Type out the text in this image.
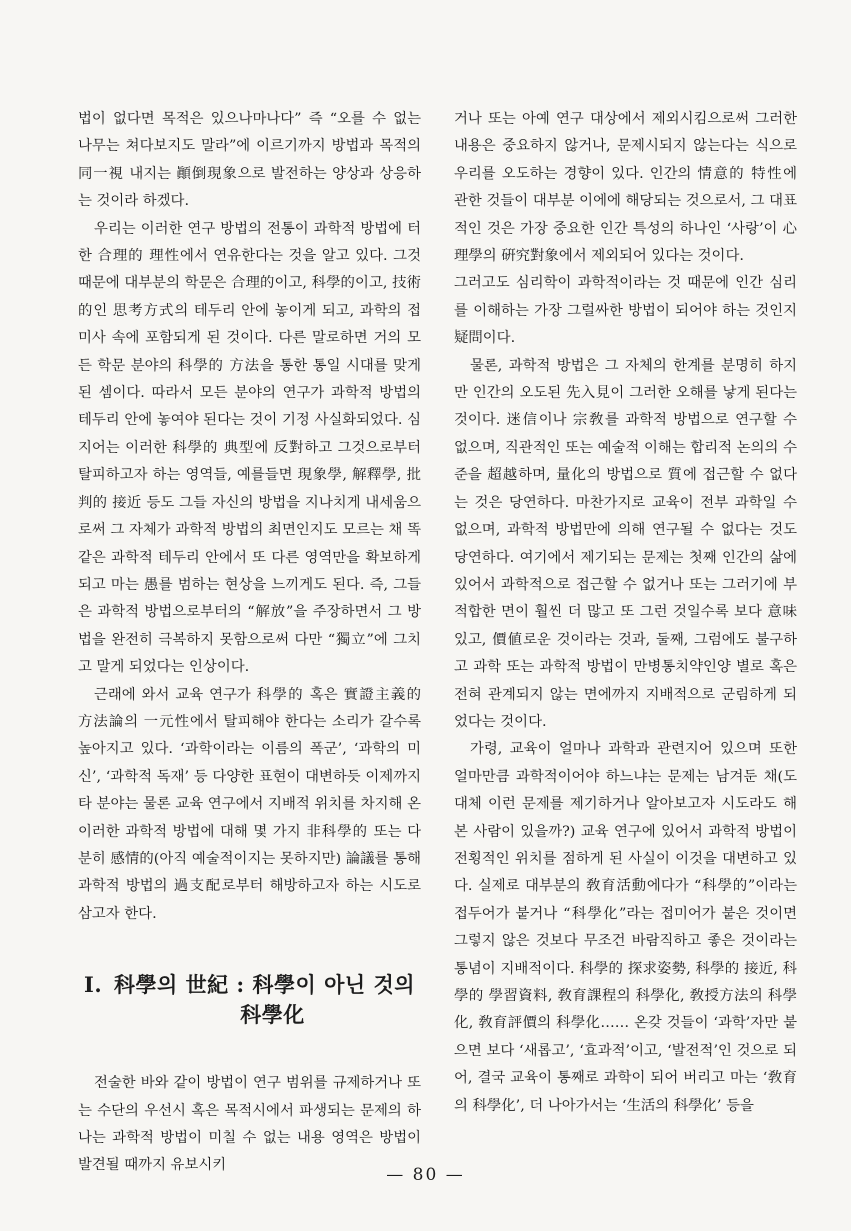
법이 없다면 목적은 있으나마나다” 즉 “오를 수 없는 나무는 쳐다보지도 말라”에 이르기까지 방법과 목적의 同一視 내지는 顚倒現象으로 발전하는 양상과 상응하는 것이라 하겠다.

우리는 이러한 연구 방법의 전통이 과학적 방법에 터한 合理的 理性에서 연유한다는 것을 알고 있다. 그것 때문에 대부분의 학문은 合理的이고, 科學的이고, 技術的인 思考方式의 테두리 안에 놓이게 되고, 과학의 접미사 속에 포함되게 된 것이다. 다른 말로하면 거의 모든 학문 분야의 科學的 方法을 통한 통일 시대를 맞게 된 셈이다. 따라서 모든 분야의 연구가 과학적 방법의 테두리 안에 놓여야 된다는 것이 기정 사실화되었다. 심지어는 이러한 科學的 典型에 反對하고 그것으로부터 탈피하고자 하는 영역들, 예를들면 現象學, 解釋學, 批判的 接近 등도 그들 자신의 방법을 지나치게 내세움으로써 그 자체가 과학적 방법의 최면인지도 모르는 채 똑같은 과학적 테두리 안에서 또 다른 영역만을 확보하게 되고 마는 愚를 범하는 현상을 느끼게도 된다. 즉, 그들은 과학적 방법으로부터의 “解放”을 주장하면서 그 방법을 완전히 극복하지 못함으로써 다만 “獨立”에 그치고 말게 되었다는 인상이다.

근래에 와서 교육 연구가 科學的 혹은 實證主義的 方法論의 一元性에서 탈피해야 한다는 소리가 갈수록 높아지고 있다. ‘과학이라는 이름의 폭군’, ‘과학의 미신’, ‘과학적 독재’ 등 다양한 표현이 대변하듯 이제까지 타 분야는 물론 교육 연구에서 지배적 위치를 차지해 온 이러한 과학적 방법에 대해 몇 가지 非科學的 또는 다분히 感情的(아직 예술적이지는 못하지만) 論議를 통해 과학적 방법의 過支配로부터 해방하고자 하는 시도로 삼고자 한다.

Ⅰ. 科學의 世紀 : 科學이 아닌 것의
科學化

전술한 바와 같이 방법이 연구 범위를 규제하거나 또는 수단의 우선시 혹은 목적시에서 파생되는 문제의 하나는 과학적 방법이 미칠 수 없는 내용 영역은 방법이 발견될 때까지 유보시키

거나 또는 아예 연구 대상에서 제외시킴으로써 그러한 내용은 중요하지 않거나, 문제시되지 않는다는 식으로 우리를 오도하는 경향이 있다. 인간의 情意的 特性에 관한 것들이 대부분 이에에 해당되는 것으로서, 그 대표적인 것은 가장 중요한 인간 특성의 하나인 ‘사랑’이 心理學의 硏究對象에서 제외되어 있다는 것이다.

그러고도 심리학이 과학적이라는 것 때문에 인간 심리를 이해하는 가장 그럴싸한 방법이 되어야 하는 것인지 疑問이다.

물론, 과학적 방법은 그 자체의 한계를 분명히 하지만 인간의 오도된 先入見이 그러한 오해를 낳게 된다는 것이다. 迷信이나 宗敎를 과학적 방법으로 연구할 수 없으며, 직관적인 또는 예술적 이해는 합리적 논의의 수준을 超越하며, 量化의 방법으로 質에 접근할 수 없다는 것은 당연하다. 마찬가지로 교육이 전부 과학일 수 없으며, 과학적 방법만에 의해 연구될 수 없다는 것도 당연하다. 여기에서 제기되는 문제는 첫째 인간의 삶에 있어서 과학적으로 접근할 수 없거나 또는 그러기에 부적합한 면이 훨씬 더 많고 또 그런 것일수록 보다 意味 있고, 價値로운 것이라는 것과, 둘째, 그럼에도 불구하고 과학 또는 과학적 방법이 만병통치약인양 별로 혹은 전혀 관계되지 않는 면에까지 지배적으로 군림하게 되었다는 것이다.

가령, 교육이 얼마나 과학과 관련지어 있으며 또한 얼마만큼 과학적이어야 하느냐는 문제는 남겨둔 채(도대체 이런 문제를 제기하거나 알아보고자 시도라도 해 본 사람이 있을까?) 교육 연구에 있어서 과학적 방법이 전횡적인 위치를 점하게 된 사실이 이것을 대변하고 있다. 실제로 대부분의 敎育活動에다가 “科學的”이라는 접두어가 붙거나 “科學化”라는 접미어가 붙은 것이면 그렇지 않은 것보다 무조건 바람직하고 좋은 것이라는 통념이 지배적이다. 科學的 探求姿勢, 科學的 接近, 科學的 學習資料, 敎育課程의 科學化, 敎授方法의 科學化, 敎育評價의 科學化…… 온갖 것들이 ‘과학’자만 붙으면 보다 ‘새롭고’, ‘효과적’이고, ‘발전적’인 것으로 되어, 결국 교육이 통째로 과학이 되어 버리고 마는 ‘敎育의 科學化’, 더 나아가서는 ‘生活의 科學化’ 등을

— 80 —
